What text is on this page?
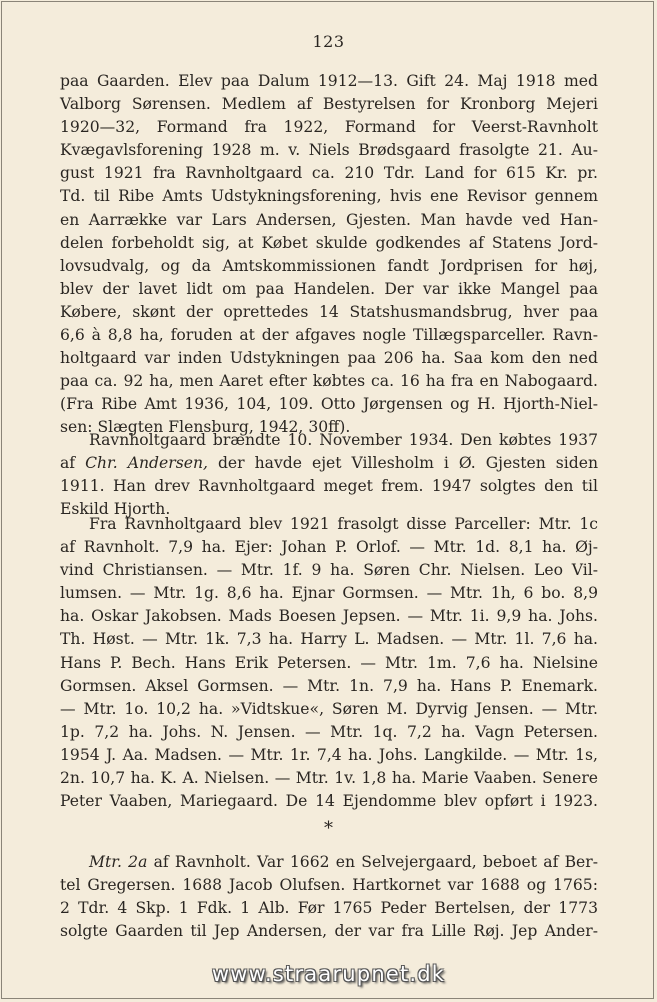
123
paa Gaarden. Elev paa Dalum 1912—13. Gift 24. Maj 1918 med
Valborg Sørensen. Medlem af Bestyrelsen for Kronborg Mejeri
1920—32, Formand fra 1922, Formand for Veerst-Ravnholt
Kvægavlsforening 1928 m. v. Niels Brødsgaard frasolgte 21. Au-
gust 1921 fra Ravnholtgaard ca. 210 Tdr. Land for 615 Kr. pr.
Td. til Ribe Amts Udstykningsforening, hvis ene Revisor gennem
en Aarrække var Lars Andersen, Gjesten. Man havde ved Han-
delen forbeholdt sig, at Købet skulde godkendes af Statens Jord-
lovsudvalg, og da Amtskommissionen fandt Jordprisen for høj,
blev der lavet lidt om paa Handelen. Der var ikke Mangel paa
Købere, skønt der oprettedes 14 Statshusmandsbrug, hver paa
6,6 à 8,8 ha, foruden at der afgaves nogle Tillægsparceller. Ravn-
holtgaard var inden Udstykningen paa 206 ha. Saa kom den ned
paa ca. 92 ha, men Aaret efter købtes ca. 16 ha fra en Nabogaard.
(Fra Ribe Amt 1936, 104, 109. Otto Jørgensen og H. Hjorth-Niel-
sen: Slægten Flensburg, 1942, 30ff).
Ravnholtgaard brændte 10. November 1934. Den købtes 1937
af Chr. Andersen, der havde ejet Villesholm i Ø. Gjesten siden
1911. Han drev Ravnholtgaard meget frem. 1947 solgtes den til
Eskild Hjorth.
Fra Ravnholtgaard blev 1921 frasolgt disse Parceller: Mtr. 1c
af Ravnholt. 7,9 ha. Ejer: Johan P. Orlof. — Mtr. 1d. 8,1 ha. Øj-
vind Christiansen. — Mtr. 1f. 9 ha. Søren Chr. Nielsen. Leo Vil-
lumsen. — Mtr. 1g. 8,6 ha. Ejnar Gormsen. — Mtr. 1h, 6 bo. 8,9
ha. Oskar Jakobsen. Mads Boesen Jepsen. — Mtr. 1i. 9,9 ha. Johs.
Th. Høst. — Mtr. 1k. 7,3 ha. Harry L. Madsen. — Mtr. 1l. 7,6 ha.
Hans P. Bech. Hans Erik Petersen. — Mtr. 1m. 7,6 ha. Nielsine
Gormsen. Aksel Gormsen. — Mtr. 1n. 7,9 ha. Hans P. Enemark.
— Mtr. 1o. 10,2 ha. »Vidtskue«, Søren M. Dyrvig Jensen. — Mtr.
1p. 7,2 ha. Johs. N. Jensen. — Mtr. 1q. 7,2 ha. Vagn Petersen.
1954 J. Aa. Madsen. — Mtr. 1r. 7,4 ha. Johs. Langkilde. — Mtr. 1s,
2n. 10,7 ha. K. A. Nielsen. — Mtr. 1v. 1,8 ha. Marie Vaaben. Senere
Peter Vaaben, Mariegaard. De 14 Ejendomme blev opført i 1923.
*
Mtr. 2a af Ravnholt. Var 1662 en Selvejergaard, beboet af Ber-
tel Gregersen. 1688 Jacob Olufsen. Hartkornet var 1688 og 1765:
2 Tdr. 4 Skp. 1 Fdk. 1 Alb. Før 1765 Peder Bertelsen, der 1773
solgte Gaarden til Jep Andersen, der var fra Lille Røj. Jep Ander-
www.straarupnet.dk
